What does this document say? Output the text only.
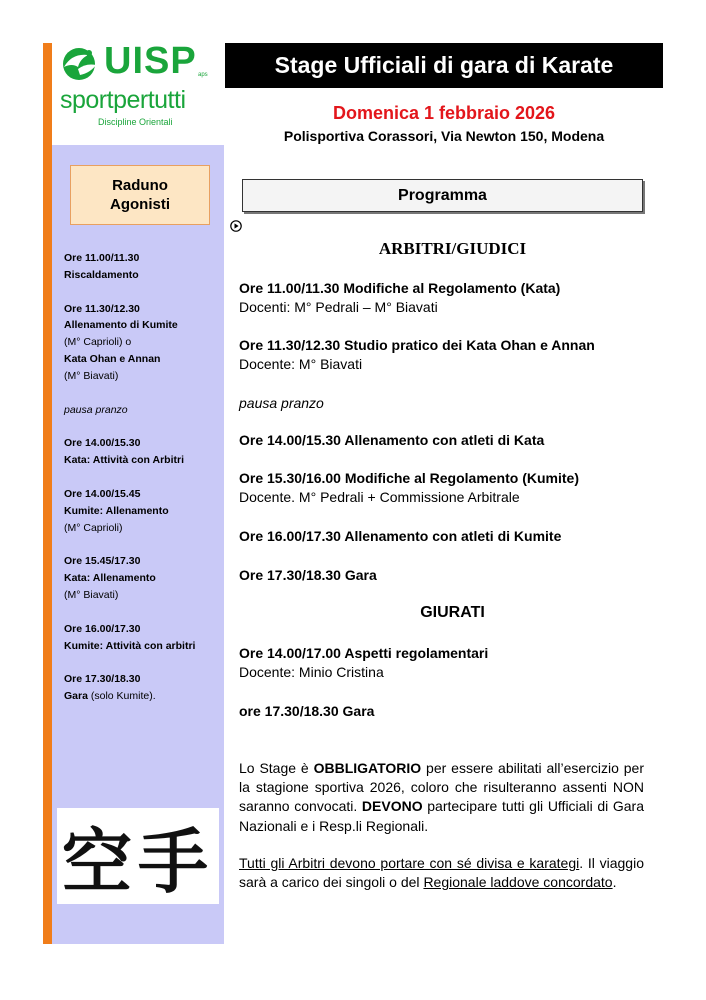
UISP aps
sportpertutti
Discipline Orientali
Raduno
Agonisti
Ore 11.00/11.30
Riscaldamento
Ore 11.30/12.30
Allenamento di Kumite
(M° Caprioli) o
Kata Ohan e Annan
(M° Biavati)
pausa pranzo
Ore 14.00/15.30
Kata: Attività con Arbitri
Ore 14.00/15.45
Kumite: Allenamento
(M° Caprioli)
Ore 15.45/17.30
Kata: Allenamento
(M° Biavati)
Ore 16.00/17.30
Kumite: Attività con arbitri
Ore 17.30/18.30
Gara (solo Kumite).
空手
Stage Ufficiali di gara di Karate
Domenica 1 febbraio 2026
Polisportiva Corassori, Via Newton 150, Modena
Programma
ARBITRI/GIUDICI
Ore 11.00/11.30 Modifiche al Regolamento (Kata)
Docenti: M° Pedrali – M° Biavati
Ore 11.30/12.30 Studio pratico dei Kata Ohan e Annan
Docente: M° Biavati
pausa pranzo
Ore 14.00/15.30 Allenamento con atleti di Kata
Ore 15.30/16.00 Modifiche al Regolamento (Kumite)
Docente. M° Pedrali + Commissione Arbitrale
Ore 16.00/17.30 Allenamento con atleti di Kumite
Ore 17.30/18.30 Gara
GIURATI
Ore 14.00/17.00 Aspetti regolamentari
Docente: Minio Cristina
ore 17.30/18.30 Gara
Lo Stage è OBBLIGATORIO per essere abilitati all’esercizio per la stagione sportiva 2026, coloro che risulteranno assenti NON saranno convocati. DEVONO partecipare tutti gli Ufficiali di Gara Nazionali e i Resp.li Regionali.
Tutti gli Arbitri devono portare con sé divisa e karategi. Il viaggio sarà a carico dei singoli o del Regionale laddove concordato.
